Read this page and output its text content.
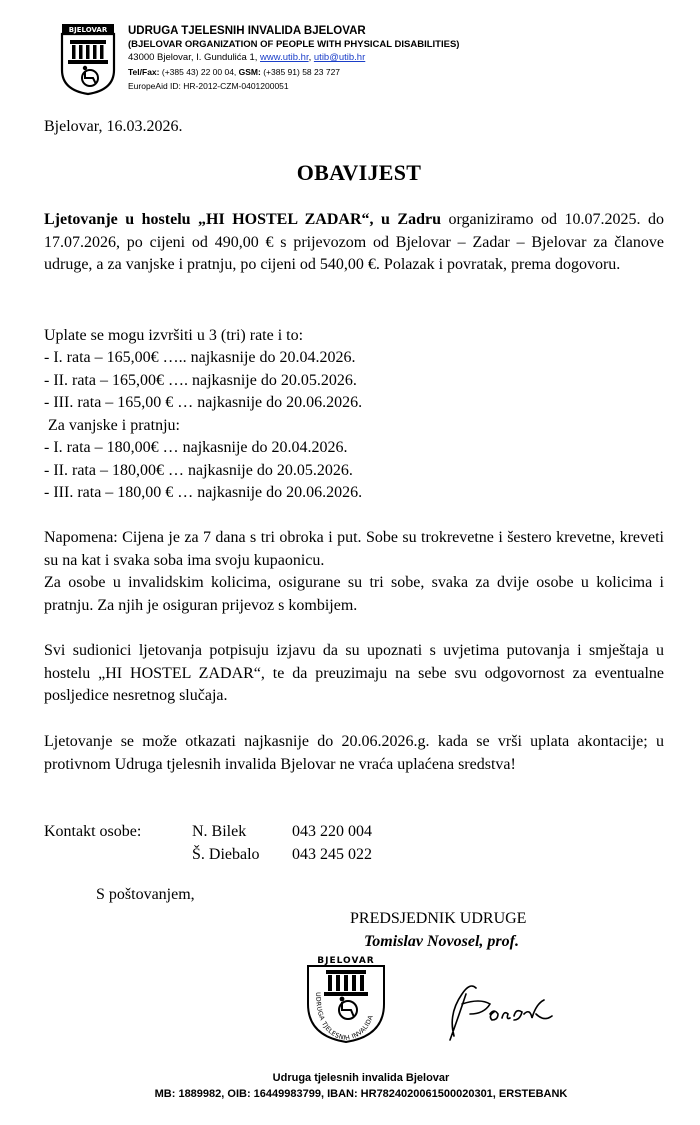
BJELOVAR UDRUGA TJELESNIH INVALIDA BJELOVAR
(BJELOVAR ORGANIZATION OF PEOPLE WITH PHYSICAL DISABILITIES)
43000 Bjelovar, I. Gundulića 1, www.utib.hr, utib@utib.hr
Tel/Fax: (+385 43) 22 00 04, GSM: (+385 91) 58 23 727
EuropeAid ID: HR-2012-CZM-0401200051
Bjelovar, 16.03.2026.
OBAVIJEST
Ljetovanje u hostelu „HI HOSTEL ZADAR“, u Zadru organiziramo od 10.07.2025. do 17.07.2026, po cijeni od 490,00 € s prijevozom od Bjelovar – Zadar – Bjelovar za članove udruge, a za vanjske i pratnju, po cijeni od 540,00 €. Polazak i povratak, prema dogovoru.
Uplate se mogu izvršiti u 3 (tri) rate i to:
- I. rata – 165,00€ ….. najkasnije do 20.04.2026.
- II. rata – 165,00€ …. najkasnije do 20.05.2026.
- III. rata – 165,00 € … najkasnije do 20.06.2026.
Za vanjske i pratnju:
- I. rata – 180,00€ … najkasnije do 20.04.2026.
- II. rata – 180,00€ … najkasnije do 20.05.2026.
- III. rata – 180,00 € … najkasnije do 20.06.2026.
Napomena: Cijena je za 7 dana s tri obroka i put. Sobe su trokrevetne i šestero krevetne, kreveti su na kat i svaka soba ima svoju kupaonicu.
Za osobe u invalidskim kolicima, osigurane su tri sobe, svaka za dvije osobe u kolicima i pratnju. Za njih je osiguran prijevoz s kombijem.
Svi sudionici ljetovanja potpisuju izjavu da su upoznati s uvjetima putovanja i smještaja u hostelu „HI HOSTEL ZADAR“, te da preuzimaju na sebe svu odgovornost za eventualne posljedice nesretnog slučaja.
Ljetovanje se može otkazati najkasnije do 20.06.2026.g. kada se vrši uplata akontacije; u protivnom Udruga tjelesnih invalida Bjelovar ne vraća uplaćena sredstva!
Kontakt osobe:	N. Bilek	043 220 004
Š. Diebalo 043 245 022
S poštovanjem,
PREDSJEDNIK UDRUGE
Tomislav Novosel, prof.
BJELOVAR
UDRUGA TJELESNIH INVALIDA
Udruga tjelesnih invalida Bjelovar
MB: 1889982, OIB: 16449983799, IBAN: HR7824020061500020301, ERSTEBANK
